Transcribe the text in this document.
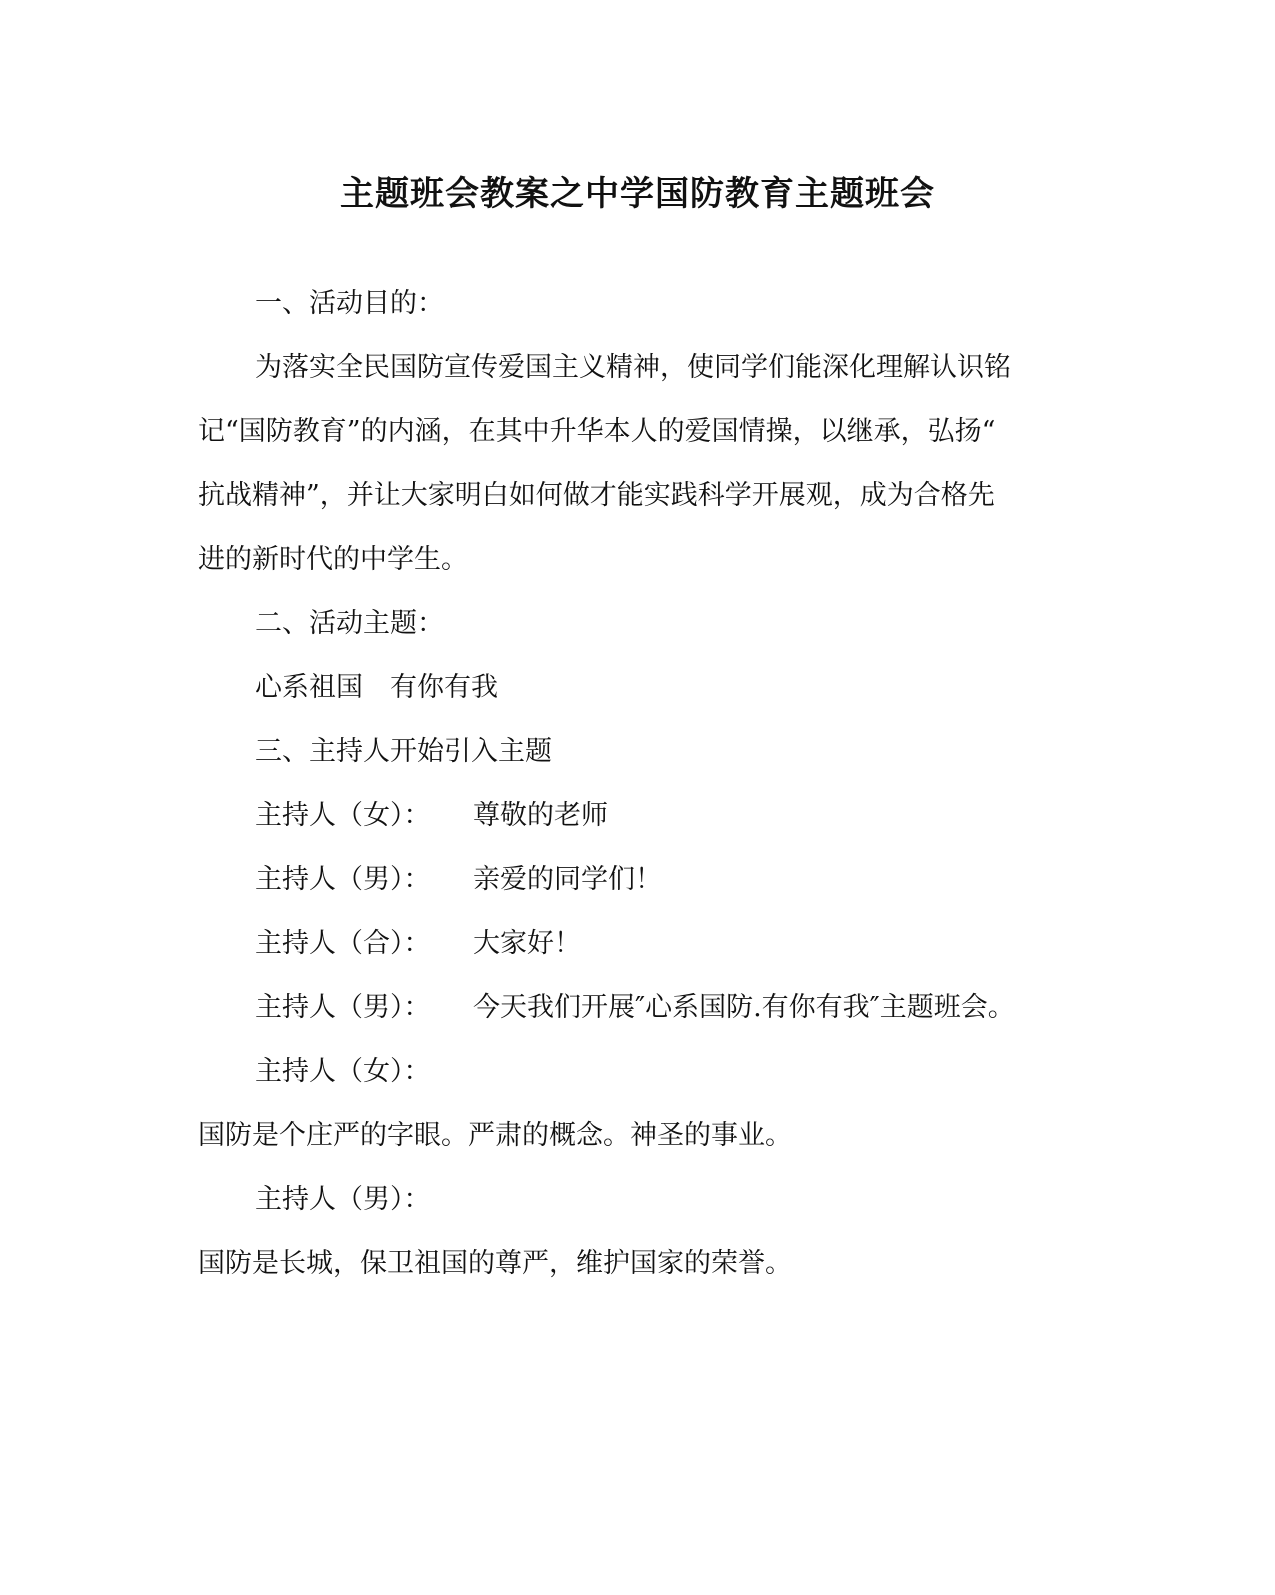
主题班会教案之中学国防教育主题班会
一、活动目的：
为落实全民国防宣传爱国主义精神，使同学们能深化理解认识铭
记“国防教育”的内涵，在其中升华本人的爱国情操，以继承，弘扬“
抗战精神”，并让大家明白如何做才能实践科学开展观，成为合格先
进的新时代的中学生。
二、活动主题：
心系祖国　有你有我
三、主持人开始引入主题
主持人（女）： 尊敬的老师
主持人（男）： 亲爱的同学们！
主持人（合）： 大家好！
主持人（男）： 今天我们开展″心系国防.有你有我″主题班会。
主持人（女）：
国防是个庄严的字眼。严肃的概念。神圣的事业。
主持人（男）：
国防是长城，保卫祖国的尊严，维护国家的荣誉。
